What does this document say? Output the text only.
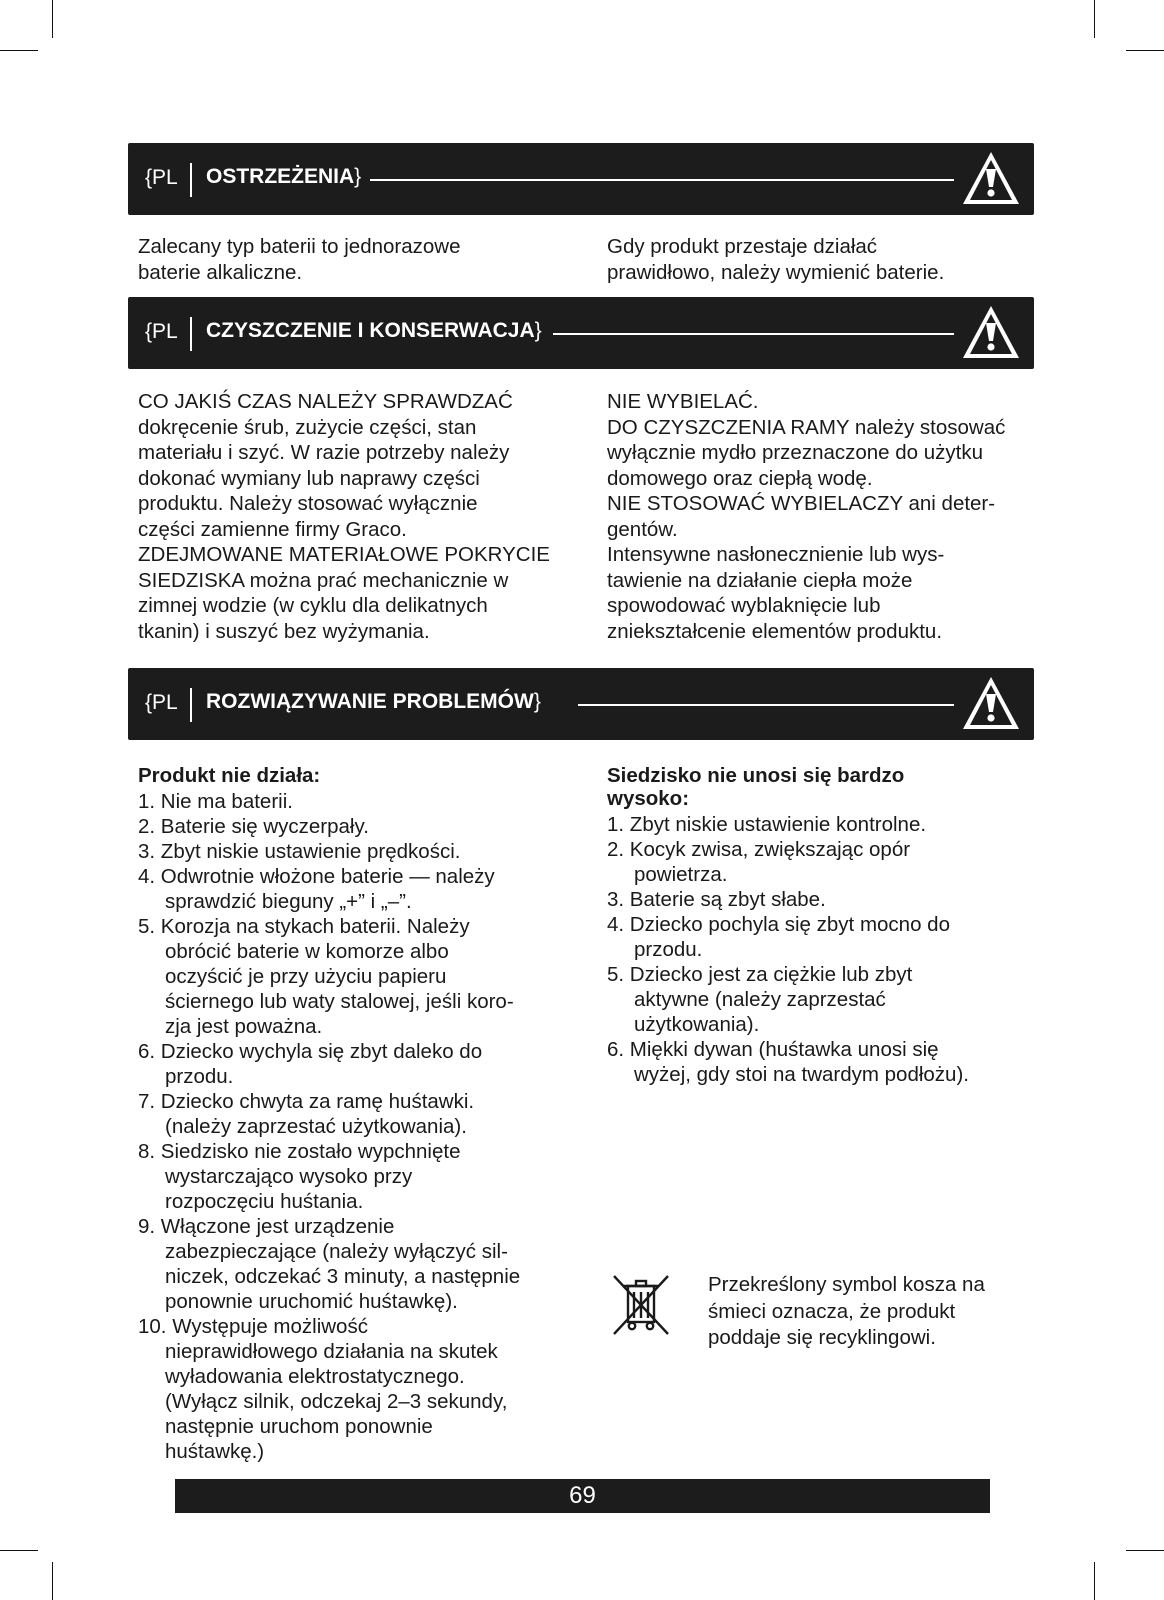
{PL OSTRZEŻENIA}

Zalecany typ baterii to jednorazowe

baterie alkaliczne.

Gdy produkt przestaje działać

prawidłowo, należy wymienić baterie.

{PL CZYSZCZENIE I KONSERWACJA}

CO JAKIŚ CZAS NALEŻY SPRAWDZAĆ

dokręcenie śrub, zużycie części, stan

materiału i szyć. W razie potrzeby należy

dokonać wymiany lub naprawy części

produktu. Należy stosować wyłącznie

części zamienne firmy Graco.

ZDEJMOWANE MATERIAŁOWE POKRYCIE

SIEDZISKA można prać mechanicznie w

zimnej wodzie (w cyklu dla delikatnych

tkanin) i suszyć bez wyżymania.

NIE WYBIELAĆ.

DO CZYSZCZENIA RAMY należy stosować

wyłącznie mydło przeznaczone do użytku

domowego oraz ciepłą wodę.

NIE STOSOWAĆ WYBIELACZY ani deter-

gentów.

Intensywne nasłonecznienie lub wys-

tawienie na działanie ciepła może

spowodować wyblaknięcie lub

zniekształcenie elementów produktu.

{PL ROZWIĄZYWANIE PROBLEMÓW}

Produkt nie działa:

1. Nie ma baterii.

2. Baterie się wyczerpały.

3. Zbyt niskie ustawienie prędkości.

4. Odwrotnie włożone baterie — należy
sprawdzić bieguny „+” i „–”.

5. Korozja na stykach baterii. Należy
obrócić baterie w komorze albo
oczyścić je przy użyciu papieru
ściernego lub waty stalowej, jeśli koro-
zja jest poważna.

6. Dziecko wychyla się zbyt daleko do
przodu.

7. Dziecko chwyta za ramę huśtawki.
(należy zaprzestać użytkowania).

8. Siedzisko nie zostało wypchnięte
wystarczająco wysoko przy
rozpoczęciu huśtania.

9. Włączone jest urządzenie
zabezpieczające (należy wyłączyć sil-
niczek, odczekać 3 minuty, a następnie
ponownie uruchomić huśtawkę).

10. Występuje możliwość
nieprawidłowego działania na skutek
wyładowania elektrostatycznego.
(Wyłącz silnik, odczekaj 2–3 sekundy,
następnie uruchom ponownie
huśtawkę.)

Siedzisko nie unosi się bardzo
wysoko:

1. Zbyt niskie ustawienie kontrolne.

2. Kocyk zwisa, zwiększając opór
powietrza.

3. Baterie są zbyt słabe.

4. Dziecko pochyla się zbyt mocno do
przodu.

5. Dziecko jest za ciężkie lub zbyt
aktywne (należy zaprzestać
użytkowania).

6. Miękki dywan (huśtawka unosi się
wyżej, gdy stoi na twardym podłożu).

Przekreślony symbol kosza na
śmieci oznacza, że produkt
poddaje się recyklingowi.
69
